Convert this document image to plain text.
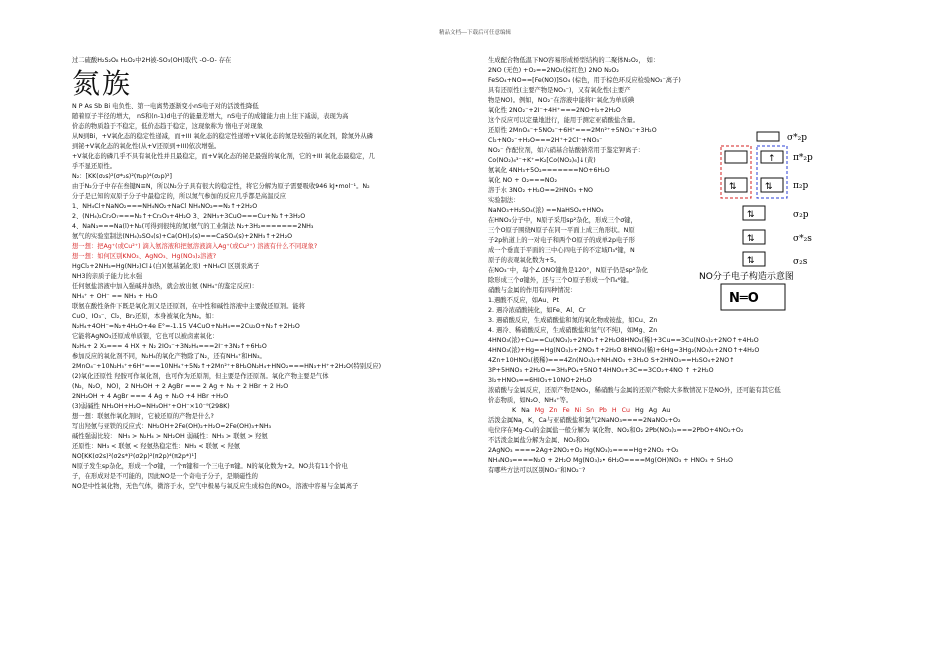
精品文档---下载后可任意编辑

过二硫酸H₂S₂O₈ H₂O₂中2H被-SO₃(OH)取代 -O-O- 存在

氮族

N P As Sb Bi 电负性、第一电离势逐渐变小nS电子对的活泼性降低

随着原子半径的增大， nS和(n-1)d电子的能量差增大，nS电子的成键能力由上往下减弱，表现为高

价态的物质趋于不稳定，低价态趋于稳定，这现象称为 惰电子对现象

从N到Bi，+V氧化态的稳定性递减，而+III 氧化态的稳定性递增+V氧化态的氮是较强的氧化剂，除氮外从磷

到铋+V氧化态的氧化性(从+V还原到+III)依次增强。

+V氧化态的磷几乎不具有氧化性并且最稳定，而+V氧化态的铋是最强的氧化剂，它的+III 氧化态最稳定，几

乎不显还原性。

N₂：[KK(σ₂s)²(σ*₂s)²(π₂p)⁴(σ₂p)²]

由于N₂分子中存在叁键N≡N，所以N₂分子具有很大的稳定性，将它分解为原子需要吸收946 kJ•mol⁻¹。N₂

分子是已知的双原子分子中最稳定的，所以氮气参加的反应几乎都是高温反应

1、NH₄Cl+NaNO₂===NH₄NO₂+NaCl NH₄NO₂==N₂↑+2H₂O

2、(NH₄)₂Cr₂O₇===N₂↑+Cr₂O₃+4H₂O 3、2NH₃+3CuO===Cu+N₂↑+3H₂O

4、NaN₃===Na(l)+N₂(可得到很纯的氮)氨气的工业制法 N₂+3H₂=======2NH₃

氨气的实验室制法(NH₄)₂SO₄(s)+Ca(OH)₂(s)===CaSO₄(s)+2NH₃↑+2H₂O

想一想：把Ag⁺(或Cu²⁺) 滴入氨溶液和把氨溶液滴入Ag⁺(或Cu²⁺) 溶液有什么不同现象?

想一想：如何区别KNO₃、AgNO₃、Hg(NO₃)₂溶液?

HgCl₂+2NH₃=Hg(NH₂)Cl↓(白)(氨基氯化汞) +NH₄Cl 区别汞离子

NH3的亲质子能力比水强

任何氨盐溶液中加入强碱并加热，就会放出氨 (NH₄⁺的鉴定反应)：

NH₄⁺ + OH⁻ == NH₃ + H₂O

联氨在酸性条件下既是氧化剂又是还原剂，在中性和碱性溶液中主要做还原剂。能将

CuO、IO₃⁻、Cl₂、Br₂还原，本身被氧化为N₂。如：

N₂H₄+4OH⁻=N₂+4H₂O+4e E°=-1.15 V4CuO+N₂H₄==2Cu₂O+N₂↑+2H₂O

它能将AgNO₃还原成单质银，它也可以被卤素氧化：

N₂H₄+ 2 X₂=== 4 HX + N₂ 2IO₃⁻+3N₂H₄===2I⁻+3N₂↑+6H₂O

参加反应的氧化剂不同，N₂H₄的氧化产物除了N₂，还有NH₄⁺和HN₃。

2MnO₄⁻+10N₂H₅⁺+6H⁺===10NH₄⁺+5N₂↑+2Mn²⁺+8H₂ON₂H₄+HNO₂===HN₃+H⁺+2H₂O(特别反应)

(2)氧化还原性 羟胺可作氧化剂，也可作为还原剂，但主要是作还原剂。氧化产物主要是气体

(N₂，N₂O，NO)，2 NH₂OH + 2 AgBr === 2 Ag + N₂ + 2 HBr + 2 H₂O

2NH₂OH + 4 AgBr === 4 Ag + N₂O +4 HBr +H₂O

(3)弱碱性 NH₂OH+H₂O=NH₃OH⁺+OH⁻×10⁻⁹(298K)

想一想：联氨作氧化剂时，它被还原的产物是什么?

写出羟氨与亚铁的反应式：NH₂OH+2Fe(OH)₂+H₂O=2Fe(OH)₃+NH₃

碱性强弱比较： NH₃ > N₂H₄ > NH₂OH 弱碱性：NH₃ > 联氨 > 羟氨

还原性：NH₃ < 联氨 < 羟氨热稳定性：NH₃ < 联氨 < 羟氨

NO[KK(σ2s)²(σ2s*)²(σ2p)²(π2p)⁴(π2p*)¹]

N原子发生sp杂化，形成一个σ键，一个π键和一个三电子π键。N的氧化数为+2。NO共有11个价电

子，在形成对是不可能的，因此NO是一个奇电子分子，是顺磁性的

NO是中性氧化物，无色气体，微溶于水，空气中极易与氧反应生成棕色的NO₂，溶液中容易与金属离子

生成配合物低温下NO容易形成桥型结构的二聚体N₂O₂， 如：

2NO (无色) +O₂==2NO₂(棕红色) 2NO N₂O₂

FeSO₄+NO==[Fe(NO)]SO₄ (棕色，用于棕色环反应检验NO₃⁻离子)

具有还原性(主要产物是NO₃⁻)，又有氧化性(主要产

物是NO)。例如，NO₂⁻在溶液中能将I⁻氧化为单质碘

氧化性 2NO₂⁻+2I⁻+4H⁺===2NO+I₂+2H₂O

这个反应可以定量地进行，能用于测定亚硝酸盐含量。

还原性 2MnO₄⁻+5NO₂⁻+6H⁺===2Mn²⁺+5NO₃⁻+3H₂O

Cl₂+NO₂⁻+H₂O===2H⁺+2Cl⁻+NO₃⁻

NO₂⁻ 作配位剂，如六硝基合钴酸钠常用于鉴定钾离子：

Co(NO₂)₆³⁻+K⁺=K₂[Co(NO₂)₆]↓(黄)

氨氧化 4NH₃+5O₂=======NO+6H₂O

氧化 NO + O₂===NO₂

溶于水 3NO₂ +H₂O==2HNO₃ +NO

实验制法：

NaNO₃+H₂SO₄(浓) ==NaHSO₄+HNO₃

在HNO₃分子中，N原子采用sp²杂化，形成三个σ键，

三个O原子围绕N原子在同一平面上成三角形状。N原

子2p轨道上的一对电子和两个O原子的成单2p电子形

成一个垂直于平面的三中心四电子的不定域Π₃⁴键，N

原子的表观氧化数为+5。

在NO₃⁻中，每个∠ONO键角是120°，N原子仍是sp²杂化

除形成三个σ键外，还与三个O原子形成一个Π₄⁶键。

硝酸与金属的作用有四种情况：

1.遇酸不反应，如Au、Pt

2. 遇冷浓硝酸钝化，如Fe、Al、Cr

3. 遇硝酸反应，生成硝酸盐和氮的氧化物或铵盐，如Cu、Zn

4. 遇冷、稀硝酸反应，生成硝酸盐和氢气(不纯)，如Mg、Zn

4HNO₃(浓)+Cu==Cu(NO₃)₂+2NO₂↑+2H₂O8HNO₃(稀)+3Cu==3Cu(NO₃)₂+2NO↑+4H₂O

4HNO₃(浓)+Hg==Hg(NO₃)₂+2NO₂↑+2H₂O 8HNO₃(稀)+6Hg=3Hg₂(NO₃)₂+2NO↑+4H₂O

4Zn+10HNO₃(极稀)===4Zn(NO₃)₂+NH₄NO₃ +3H₂O S+2HNO₃==H₂SO₄+2NO↑

3P+5HNO₃ +2H₂O==3H₃PO₄+5NO↑4HNO₃+3C==3CO₂+4NO ↑ +2H₂O

3I₂+HNO₃==6HIO₃+10NO+2H₂O

浓硝酸与金属反应，还原产物是NO₂，稀硝酸与金属的还原产物除大多数情况下是NO外，还可能有其它低

价态物质，如N₂O、NH₄⁺等。

K Na Mg Zn Fe Ni Sn Pb H Cu Hg Ag Au

活泼金属Na，K，Ca与亚硝酸盐和氯气2NaNO₃====2NaNO₂+O₂

电位序在Mg-Cu的金属盐一般分解为 氧化物、NO₂和O₂ 2Pb(NO₃)₂===2PbO+4NO₂+O₂

不活泼金属盐分解为金属、NO₂和O₂

2AgNO₃ ====2Ag+2NO₂+O₂ Hg(NO₃)₂====Hg+2NO₂ +O₂

NH₄NO₃====N₂O + 2H₂O Mg(NO₃)₂• 6H₂O====Mg(OH)NO₃ + HNO₃ + 5H₂O

有哪些方法可以区别NO₃⁻和NO₂⁻?

σ*₂p
↑ π*₂p
⇅	⇅ π₂p
⇅	σ₂p
⇅	σ*₂s
⇅	σ₂s
NO分子电子构造示意图
N═O
